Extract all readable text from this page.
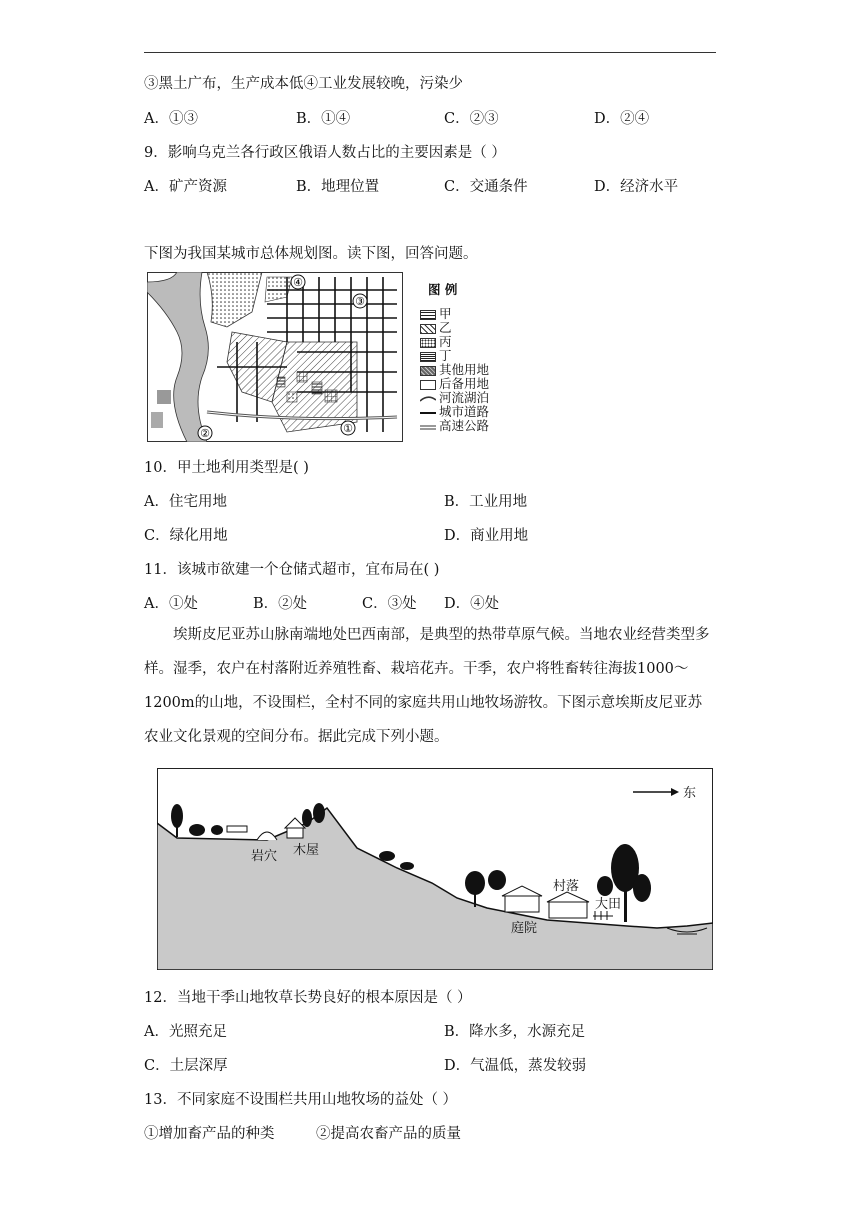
③黑土广布，生产成本低④工业发展较晚，污染少
A．①③	B．①④	C．②③	D．②④
9．影响乌克兰各行政区俄语人数占比的主要因素是（ ）
A．矿产资源	B．地理位置	C．交通条件	D．经济水平
下图为我国某城市总体规划图。读下图，回答问题。
①
②
③
④	图 例
甲
乙
丙
丁
其他用地
后备用地
河流湖泊
城市道路
高速公路
10．甲土地利用类型是( )
A．住宅用地	B．工业用地
C．绿化用地	D．商业用地
11．该城市欲建一个仓储式超市，宜布局在( )
A．①处	B．②处	C．③处 D．④处
埃斯皮尼亚苏山脉南端地处巴西南部，是典型的热带草原气候。当地农业经营类型多样。湿季，农户在村落附近养殖牲畜、栽培花卉。干季，农户将牲畜转往海拔1000～1200m的山地，不设围栏，全村不同的家庭共用山地牧场游牧。下图示意埃斯皮尼亚苏农业文化景观的空间分布。据此完成下列小题。
东
岩穴 木屋
村落
大田
庭院
12．当地干季山地牧草长势良好的根本原因是（ ）
A．光照充足	B．降水多，水源充足
C．土层深厚	D．气温低，蒸发较弱
13．不同家庭不设围栏共用山地牧场的益处（ ）
①增加畜产品的种类	②提高农畜产品的质量
